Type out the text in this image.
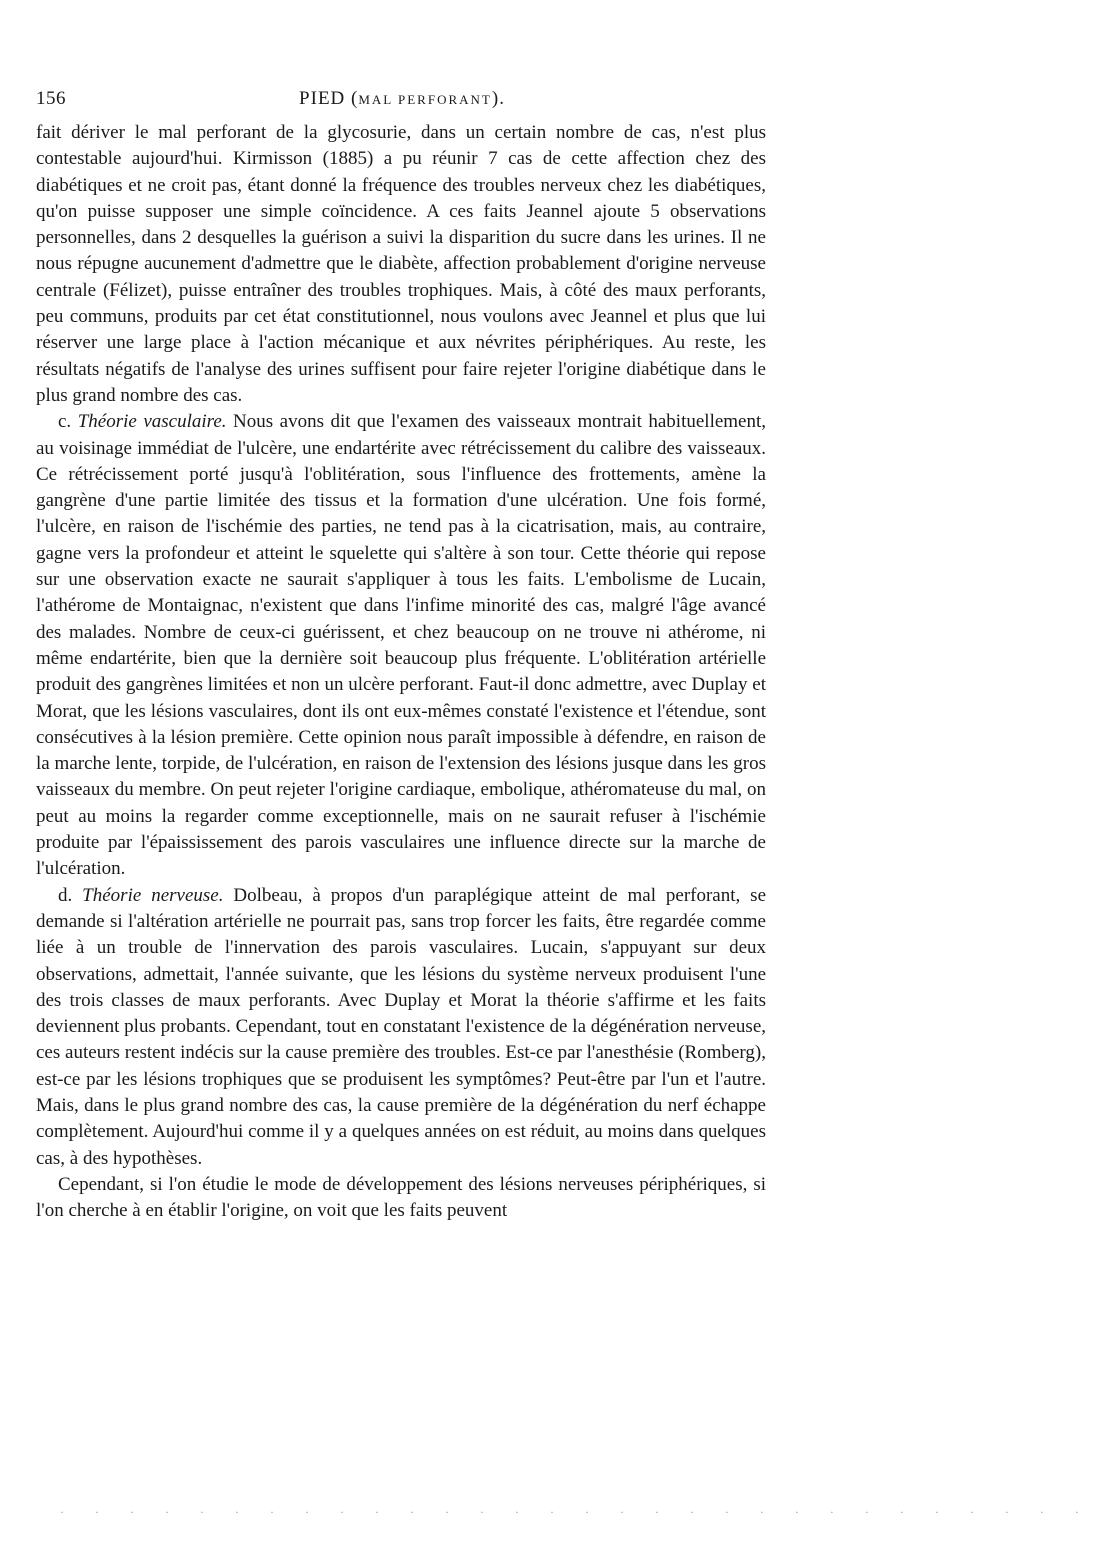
156	PIED (MAL PERFORANT).

fait dériver le mal perforant de la glycosurie, dans un certain nombre de cas, n'est plus contestable aujourd'hui. Kirmisson (1885) a pu réunir 7 cas de cette affection chez des diabétiques et ne croit pas, étant donné la fréquence des troubles nerveux chez les diabétiques, qu'on puisse supposer une simple coïncidence. A ces faits Jeannel ajoute 5 observations personnelles, dans 2 desquelles la guérison a suivi la disparition du sucre dans les urines. Il ne nous répugne aucunement d'admettre que le diabète, affection probablement d'origine nerveuse centrale (Félizet), puisse entraîner des troubles trophiques. Mais, à côté des maux perforants, peu communs, produits par cet état constitutionnel, nous voulons avec Jeannel et plus que lui réserver une large place à l'action mécanique et aux névrites périphériques. Au reste, les résultats négatifs de l'analyse des urines suffisent pour faire rejeter l'origine diabétique dans le plus grand nombre des cas.

c. Théorie vasculaire. Nous avons dit que l'examen des vaisseaux montrait habituellement, au voisinage immédiat de l'ulcère, une endartérite avec rétrécissement du calibre des vaisseaux. Ce rétrécissement porté jusqu'à l'oblitération, sous l'influence des frottements, amène la gangrène d'une partie limitée des tissus et la formation d'une ulcération. Une fois formé, l'ulcère, en raison de l'ischémie des parties, ne tend pas à la cicatrisation, mais, au contraire, gagne vers la profondeur et atteint le squelette qui s'altère à son tour. Cette théorie qui repose sur une observation exacte ne saurait s'appliquer à tous les faits. L'embolisme de Lucain, l'athérome de Montaignac, n'existent que dans l'infime minorité des cas, malgré l'âge avancé des malades. Nombre de ceux-ci guérissent, et chez beaucoup on ne trouve ni athérome, ni même endartérite, bien que la dernière soit beaucoup plus fréquente. L'oblitération artérielle produit des gangrènes limitées et non un ulcère perforant. Faut-il donc admettre, avec Duplay et Morat, que les lésions vasculaires, dont ils ont eux-mêmes constaté l'existence et l'étendue, sont consécutives à la lésion première. Cette opinion nous paraît impossible à défendre, en raison de la marche lente, torpide, de l'ulcération, en raison de l'extension des lésions jusque dans les gros vaisseaux du membre. On peut rejeter l'origine cardiaque, embolique, athéromateuse du mal, on peut au moins la regarder comme exceptionnelle, mais on ne saurait refuser à l'ischémie produite par l'épaississement des parois vasculaires une influence directe sur la marche de l'ulcération.

d. Théorie nerveuse. Dolbeau, à propos d'un paraplégique atteint de mal perforant, se demande si l'altération artérielle ne pourrait pas, sans trop forcer les faits, être regardée comme liée à un trouble de l'innervation des parois vasculaires. Lucain, s'appuyant sur deux observations, admettait, l'année suivante, que les lésions du système nerveux produisent l'une des trois classes de maux perforants. Avec Duplay et Morat la théorie s'affirme et les faits deviennent plus probants. Cependant, tout en constatant l'existence de la dégénération nerveuse, ces auteurs restent indécis sur la cause première des troubles. Est-ce par l'anesthésie (Romberg), est-ce par les lésions trophiques que se produisent les symptômes? Peut-être par l'un et l'autre. Mais, dans le plus grand nombre des cas, la cause première de la dégénération du nerf échappe complètement. Aujourd'hui comme il y a quelques années on est réduit, au moins dans quelques cas, à des hypothèses.

Cependant, si l'on étudie le mode de développement des lésions nerveuses périphériques, si l'on cherche à en établir l'origine, on voit que les faits peuvent

· · · · · · · · · · · · · · · · · · · · · · · · · · · · · ·
